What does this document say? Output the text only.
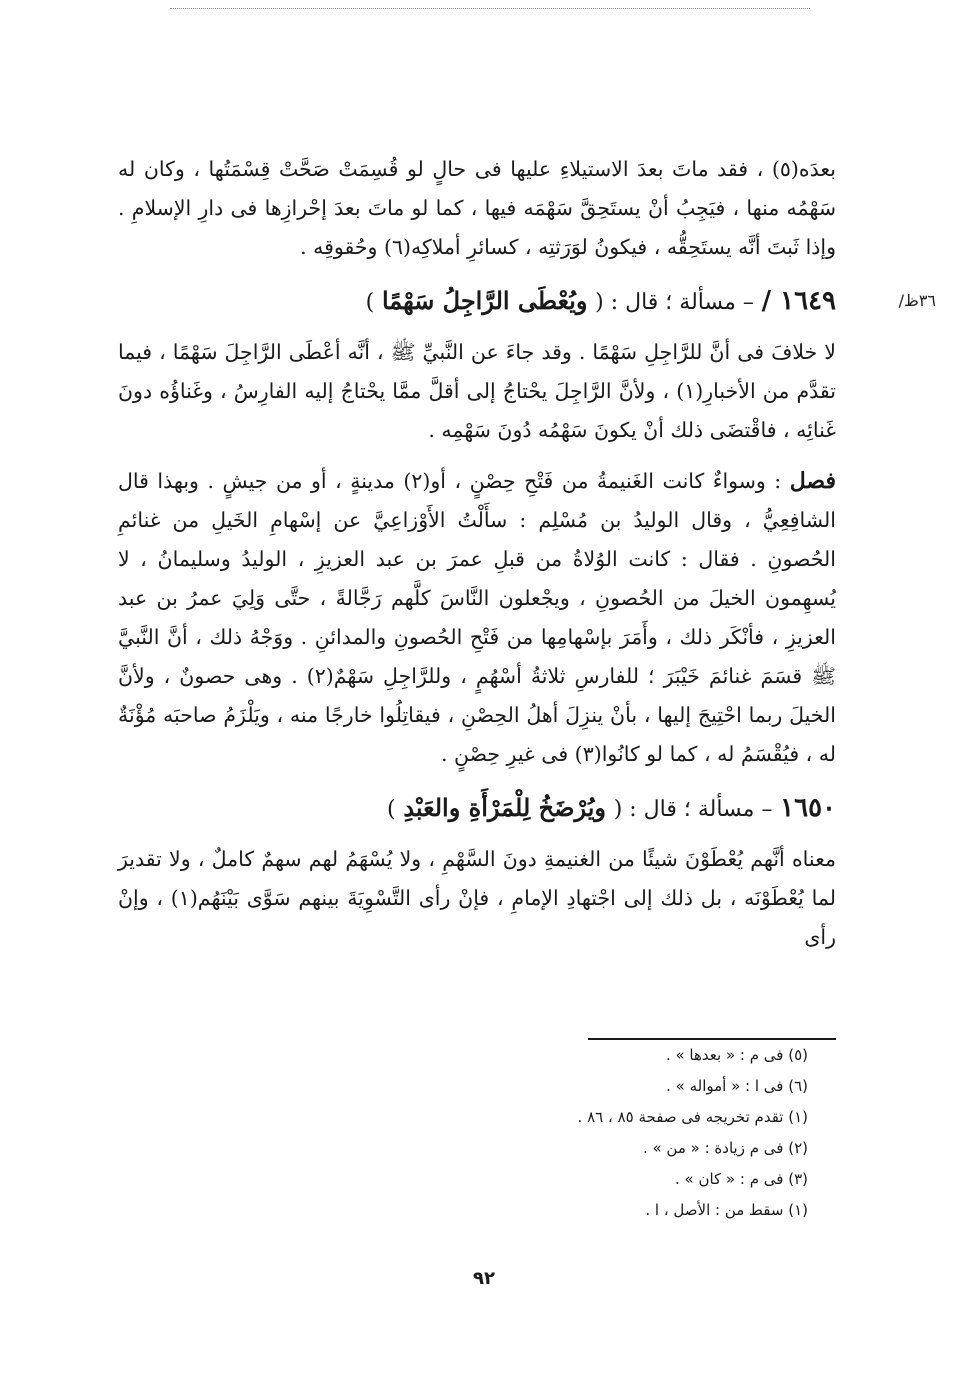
بعدَه(٥) ، فقد ماتَ بعدَ الاستيلاءِ عليها فى حالٍ لو قُسِمَتْ صَحَّتْ قِسْمَتُها ، وكان له سَهْمُه منها ، فيَجِبُ أنْ يستَحِقَّ سَهْمَه فيها ، كما لو ماتَ بعدَ إحْرازِها فى دارِ الإسلامِ . وإذا ثَبتَ أنَّه يستَحِقُّه ، فيكونُ لوَرَثتِه ، كسائرِ أملاكِه(٦) وحُقوقِه .

٣٦ظ/
١٦٤٩ / – مسألة ؛ قال : ( ويُعْطَى الرَّاجِلُ سَهْمًا )

لا خلافَ فى أنَّ للرَّاجِلِ سَهْمًا . وقد جاءَ عن النَّبيِّ ﷺ ، أنَّه أعْطَى الرَّاجِلَ سَهْمًا ، فيما تقدَّم من الأخبارِ(١) ، ولأنَّ الرَّاجِلَ يحْتاجُ إلى أقلَّ ممَّا يحْتاجُ إليه الفارِسُ ، وغَناؤُه دونَ غَنائِه ، فاقْتضَى ذلك أنْ يكونَ سَهْمُه دُونَ سَهْمِه .

فصل : وسواءٌ كانت الغَنيمةُ من فَتْحِ حِصْنٍ ، أو(٢) مدينةٍ ، أو من جيشٍ . وبهذا قال الشافِعِيُّ ، وقال الوليدُ بن مُسْلِم : سأَلْتُ الأَوْزاعِيَّ عن إسْهامِ الخَيلِ من غنائمِ الحُصونِ . فقال : كانت الوُلاةُ من قبلِ عمرَ بن عبد العزيزِ ، الوليدُ وسليمانُ ، لا يُسهِمون الخيلَ من الحُصونِ ، ويجْعلون النَّاسَ كلَّهم رَجَّالةً ، حتَّى وَلِيَ عمرُ بن عبد العزيزِ ، فأنْكَر ذلك ، وأَمَرَ بإسْهامِها من فَتْحِ الحُصونِ والمدائنِ . ووَجْهُ ذلك ، أنَّ النَّبيَّ ﷺ قسَمَ غنائمَ خَيْبَرَ ؛ للفارسِ ثلاثةُ أسْهُمٍ ، وللرَّاجِلِ سَهْمٌ(٢) . وهى حصونٌ ، ولأنَّ الخيلَ ربما احْتِيجَ إليها ، بأنْ ينزِلَ أهلُ الحِصْنِ ، فيقاتِلُوا خارجًا منه ، ويَلْزَمُ صاحبَه مُؤْنَةٌ له ، فيُقْسَمُ له ، كما لو كانُوا(٣) فى غيرِ حِصْنٍ .

١٦٥٠ – مسألة ؛ قال : ( ويُرْضَخُ لِلْمَرْأَةِ والعَبْدِ )

معناه أنَّهم يُعْطَوْنَ شيئًا من الغنيمةِ دونَ السَّهْمِ ، ولا يُسْهَمُ لهم سهمٌ كاملٌ ، ولا تقديرَ لما يُعْطَوْنَه ، بل ذلك إلى اجْتهادِ الإمامِ ، فإنْ رأى التَّسْوِيَةَ بينهم سَوَّى بَيْنَهُم(١) ، وإنْ رأى

(٥) فى م : « بعدها » .
(٦) فى ا : « أمواله » .
(١) تقدم تخريجه فى صفحة ٨٥ ، ٨٦ .
(٢) فى م زيادة : « من » .
(٣) فى م : « كان » .
(١) سقط من : الأصل ، ا .
٩٢
